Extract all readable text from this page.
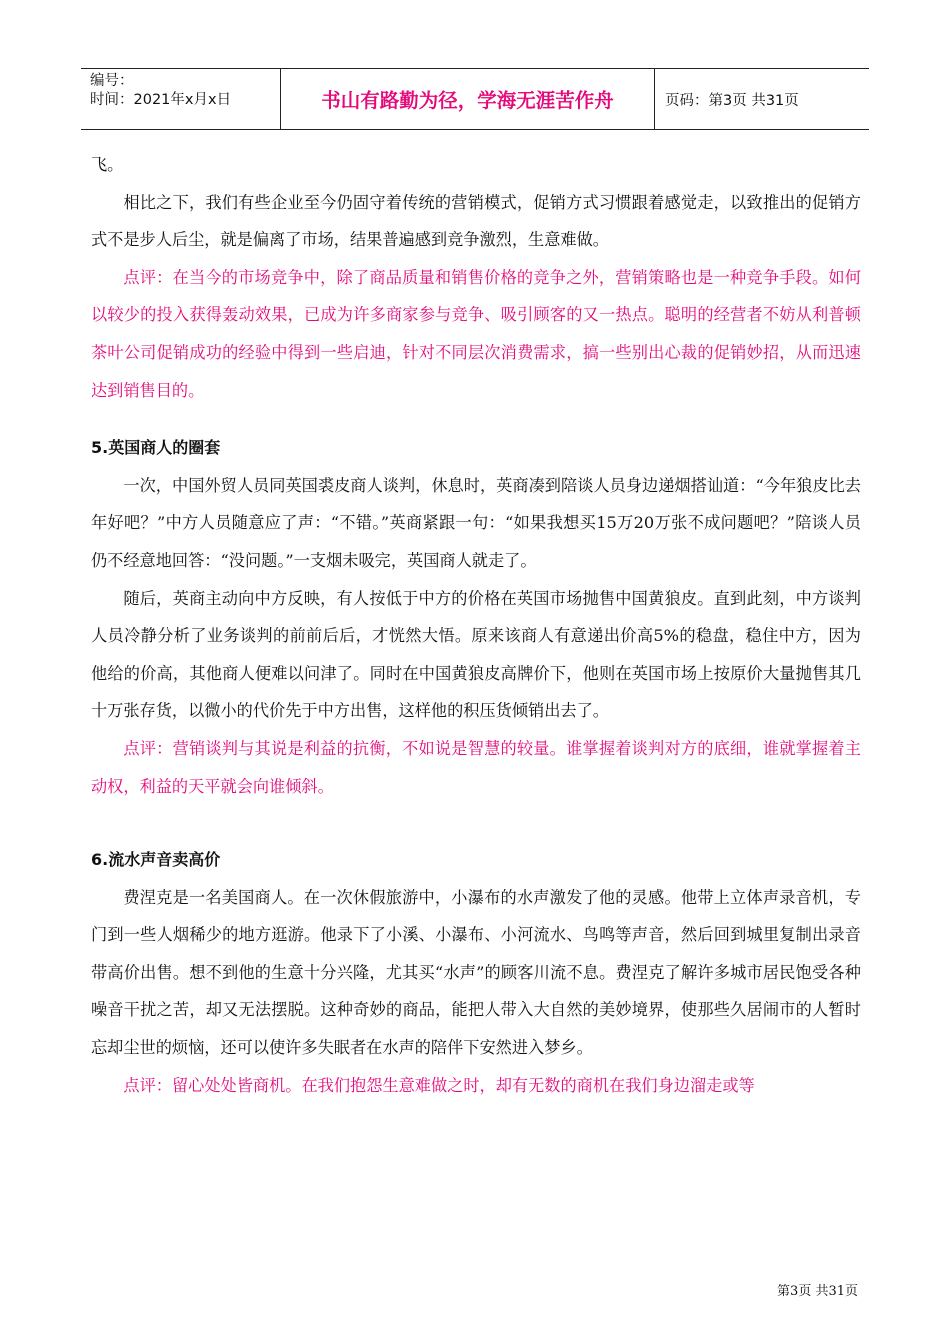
编号：
时间：2021年x月x日	书山有路勤为径，学海无涯苦作舟	页码：第3页 共31页

飞。

相比之下，我们有些企业至今仍固守着传统的营销模式，促销方式习惯跟着感觉走，以致推出的促销方式不是步人后尘，就是偏离了市场，结果普遍感到竞争激烈，生意难做。

点评：在当今的市场竞争中，除了商品质量和销售价格的竞争之外，营销策略也是一种竞争手段。如何以较少的投入获得轰动效果，已成为许多商家参与竞争、吸引顾客的又一热点。聪明的经营者不妨从利普顿茶叶公司促销成功的经验中得到一些启迪，针对不同层次消费需求，搞一些别出心裁的促销妙招，从而迅速达到销售目的。

5.英国商人的圈套

一次，中国外贸人员同英国裘皮商人谈判，休息时，英商凑到陪谈人员身边递烟搭讪道：“今年狼皮比去年好吧？”中方人员随意应了声：“不错。”英商紧跟一句：“如果我想买15万20万张不成问题吧？”陪谈人员仍不经意地回答：“没问题。”一支烟未吸完，英国商人就走了。

随后，英商主动向中方反映，有人按低于中方的价格在英国市场抛售中国黄狼皮。直到此刻，中方谈判人员冷静分析了业务谈判的前前后后，才恍然大悟。原来该商人有意递出价高5%的稳盘，稳住中方，因为他给的价高，其他商人便难以问津了。同时在中国黄狼皮高牌价下，他则在英国市场上按原价大量抛售其几十万张存货，以微小的代价先于中方出售，这样他的积压货倾销出去了。

点评：营销谈判与其说是利益的抗衡，不如说是智慧的较量。谁掌握着谈判对方的底细，谁就掌握着主动权，利益的天平就会向谁倾斜。

6.流水声音卖高价

费涅克是一名美国商人。在一次休假旅游中，小瀑布的水声激发了他的灵感。他带上立体声录音机，专门到一些人烟稀少的地方逛游。他录下了小溪、小瀑布、小河流水、鸟鸣等声音，然后回到城里复制出录音带高价出售。想不到他的生意十分兴隆，尤其买“水声”的顾客川流不息。费涅克了解许多城市居民饱受各种噪音干扰之苦，却又无法摆脱。这种奇妙的商品，能把人带入大自然的美妙境界，使那些久居闹市的人暂时忘却尘世的烦恼，还可以使许多失眠者在水声的陪伴下安然进入梦乡。

点评：留心处处皆商机。在我们抱怨生意难做之时，却有无数的商机在我们身边溜走或等

第3页 共31页
